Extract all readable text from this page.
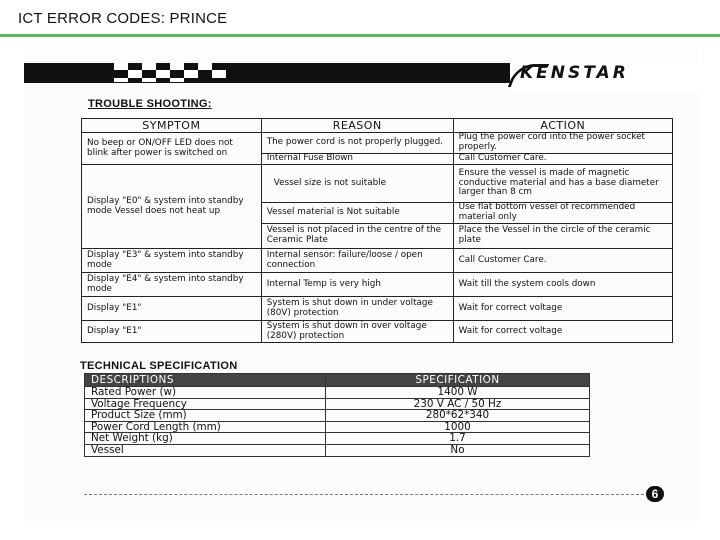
ICT ERROR CODES: PRINCE
KENSTAR
TROUBLE SHOOTING:
SYMPTOM	REASON	ACTION
No beep or ON/OFF LED does not blink after power is switched on	The power cord is not properly plugged.	Plug the power cord into the power socket properly.
	Internal Fuse Blown	Call Customer Care.
Display "E0" & system into standby mode Vessel does not heat up	Vessel size is not suitable	Ensure the vessel is made of magnetic conductive material and has a base diameter larger than 8 cm
	Vessel material is Not suitable	Use flat bottom vessel of recommended material only
	Vessel is not placed in the centre of the Ceramic Plate	Place the Vessel in the circle of the ceramic plate
Display "E3" & system into standby mode	Internal sensor: failure/loose / open connection	Call Customer Care.
Display "E4" & system into standby mode	Internal Temp is very high	Wait till the system cools down
Display "E1"	System is shut down in under voltage (80V) protection	Wait for correct voltage
Display "E1"	System is shut down in over voltage (280V) protection	Wait for correct voltage
TECHNICAL SPECIFICATION
DESCRIPTIONS	SPECIFICATION
Rated Power (w)	1400 W
Voltage Frequency	230 V AC / 50 Hz
Product Size (mm)	280*62*340
Power Cord Length (mm)	1000
Net Weight (kg)	1.7
Vessel	No
6
